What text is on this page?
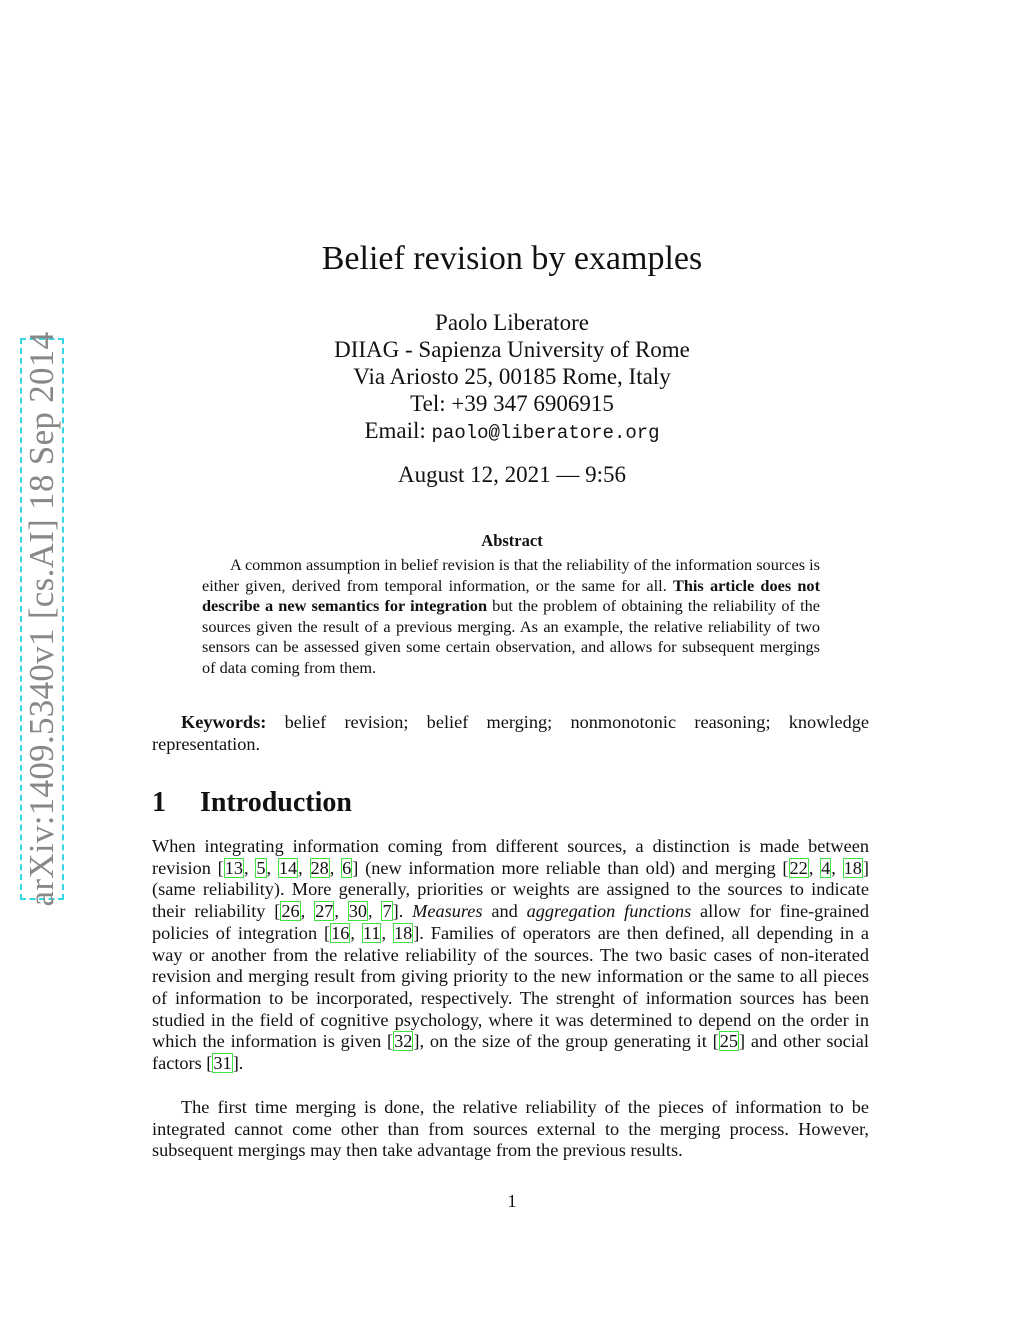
arXiv:1409.5340v1 [cs.AI] 18 Sep 2014
Belief revision by examples
Paolo Liberatore
DIIAG - Sapienza University of Rome
Via Ariosto 25, 00185 Rome, Italy
Tel: +39 347 6906915
Email: paolo@liberatore.org
August 12, 2021 — 9:56
Abstract
A common assumption in belief revision is that the reliability of the information sources is either given, derived from temporal information, or the same for all. This article does not describe a new semantics for integration but the problem of obtaining the reliability of the sources given the result of a previous merging. As an example, the relative reliability of two sensors can be assessed given some certain observation, and allows for subsequent mergings of data coming from them.
Keywords: belief revision; belief merging; nonmonotonic reasoning; knowledge representation.
1 Introduction

When integrating information coming from different sources, a distinction is made between revision [13, 5, 14, 28, 6] (new information more reliable than old) and merging [22, 4, 18] (same reliability). More generally, priorities or weights are assigned to the sources to indicate their reliability [26, 27, 30, 7]. Measures and aggregation functions allow for fine-grained policies of integration [16, 11, 18]. Families of operators are then defined, all depending in a way or another from the relative reliability of the sources. The two basic cases of non-iterated revision and merging result from giving priority to the new information or the same to all pieces of information to be incorporated, respectively. The strenght of information sources has been studied in the field of cognitive psychology, where it was determined to depend on the order in which the information is given [32], on the size of the group generating it [25] and other social factors [31].

The first time merging is done, the relative reliability of the pieces of information to be integrated cannot come other than from sources external to the merging process. However, subsequent mergings may then take advantage from the previous results.

1
